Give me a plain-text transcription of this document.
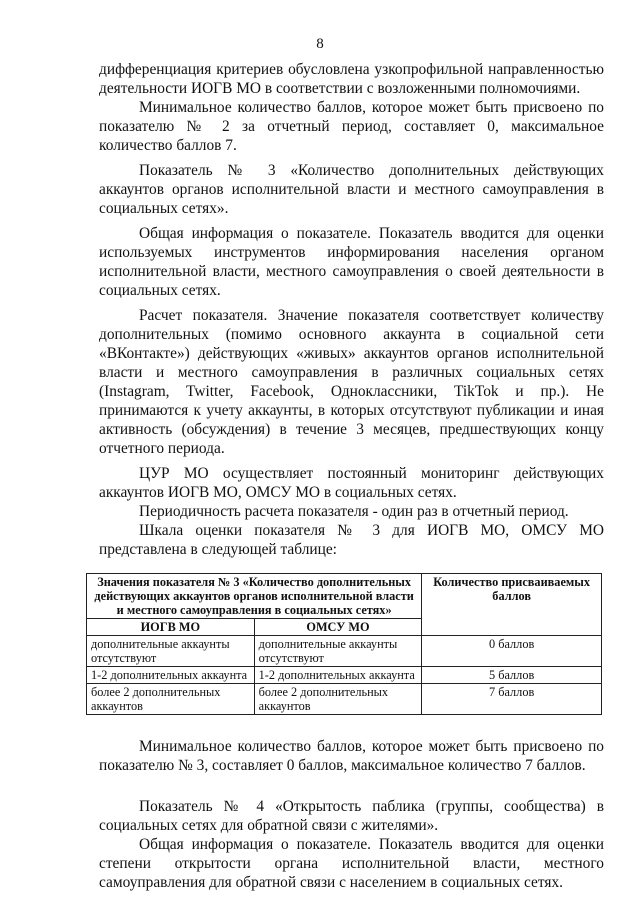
8

дифференциация критериев обусловлена узкопрофильной направленностью деятельности ИОГВ МО в соответствии с возложенными полномочиями.

Минимальное количество баллов, которое может быть присвоено по показателю № 2 за отчетный период, составляет 0, максимальное количество баллов 7.

Показатель № 3 «Количество дополнительных действующих аккаунтов органов исполнительной власти и местного самоуправления в социальных сетях».

Общая информация о показателе. Показатель вводится для оценки используемых инструментов информирования населения органом исполнительной власти, местного самоуправления о своей деятельности в социальных сетях.

Расчет показателя. Значение показателя соответствует количеству дополнительных (помимо основного аккаунта в социальной сети «ВКонтакте») действующих «живых» аккаунтов органов исполнительной власти и местного самоуправления в различных социальных сетях (Instagram, Twitter, Facebook, Одноклассники, TikTok и пр.). Не принимаются к учету аккаунты, в которых отсутствуют публикации и иная активность (обсуждения) в течение 3 месяцев, предшествующих концу отчетного периода.

ЦУР МО осуществляет постоянный мониторинг действующих аккаунтов ИОГВ МО, ОМСУ МО в социальных сетях.

Периодичность расчета показателя - один раз в отчетный период.

Шкала оценки показателя № 3 для ИОГВ МО, ОМСУ МО представлена в следующей таблице:

Значения показателя № 3 «Количество дополнительных действующих аккаунтов органов исполнительной власти и местного самоуправления в социальных сетях»		Количество присваиваемых баллов
ИОГВ МО	ОМСУ МО	
дополнительные аккаунты отсутствуют	дополнительные аккаунты отсутствуют	0 баллов
1-2 дополнительных аккаунта	1-2 дополнительных аккаунта	5 баллов
более 2 дополнительных аккаунтов	более 2 дополнительных аккаунтов	7 баллов

Минимальное количество баллов, которое может быть присвоено по показателю № 3, составляет 0 баллов, максимальное количество 7 баллов.

Показатель № 4 «Открытость паблика (группы, сообщества) в социальных сетях для обратной связи с жителями».

Общая информация о показателе. Показатель вводится для оценки степени открытости органа исполнительной власти, местного самоуправления для обратной связи с населением в социальных сетях.
